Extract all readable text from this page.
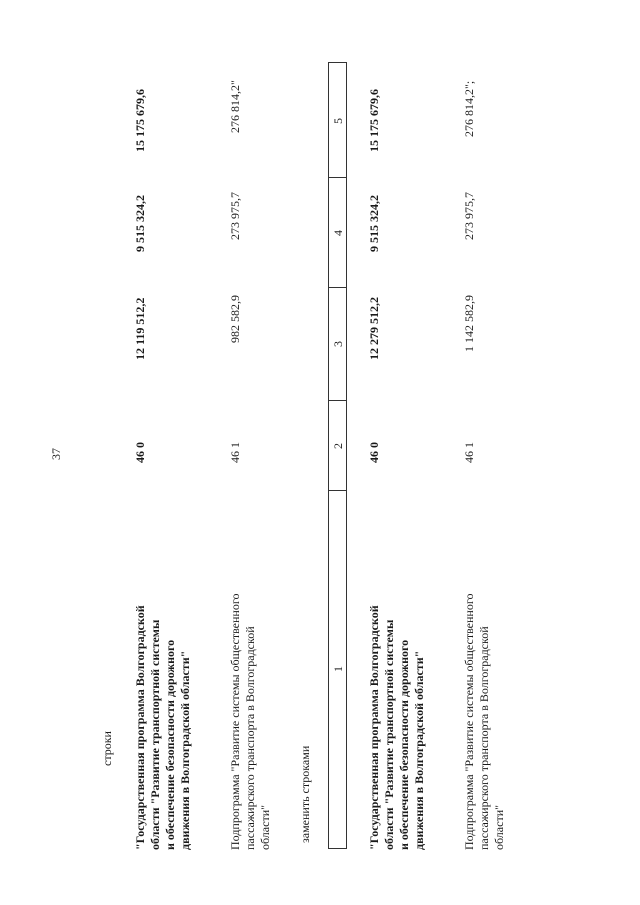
37
строки "Государственная программа Волгоградской области "Развитие транспортной системы и обеспечение безопасности дорожного движения в Волгоградской области"
46 0
12 119 512,2
9 515 324,2
15 175 679,6
Подпрограмма "Развитие системы общественного пассажирского транспорта в Волгоградской области"
46 1
982 582,9
273 975,7
276 814,2"
заменить строками
1
2
3
4
5
"Государственная программа Волгоградской области "Развитие транспортной системы и обеспечение безопасности дорожного движения в Волгоградской области"
46 0
12 279 512,2
9 515 324,2
15 175 679,6
Подпрограмма "Развитие системы общественного пассажирского транспорта в Волгоградской области"
46 1
1 142 582,9
273 975,7
276 814,2";
